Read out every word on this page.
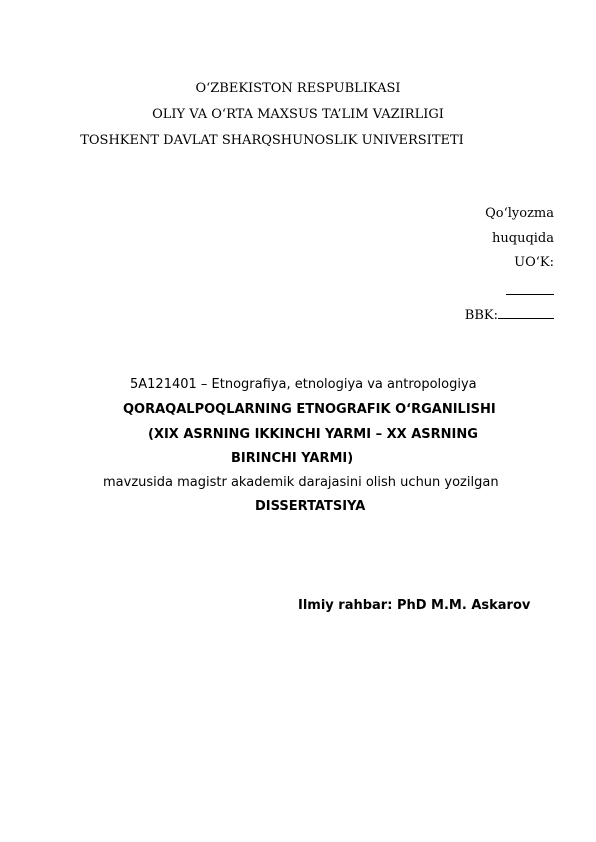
O‘ZBEKISTON RESPUBLIKASI
OLIY VA O‘RTA MAXSUS TA’LIM VAZIRLIGI
TOSHKENT DAVLAT SHARQSHUNOSLIK UNIVERSITETI
Qo‘lyozma
huquqida
UO‘K:
BBK:
5A121401 – Etnografiya, etnologiya va antropologiya
QORAQALPOQLARNING ETNOGRAFIK O‘RGANILISHI
(XIX ASRNING IKKINCHI YARMI – XX ASRNING
BIRINCHI YARMI)
mavzusida magistr akademik darajasini olish uchun yozilgan
DISSERTATSIYA
Ilmiy rahbar: PhD M.M. Askarov
